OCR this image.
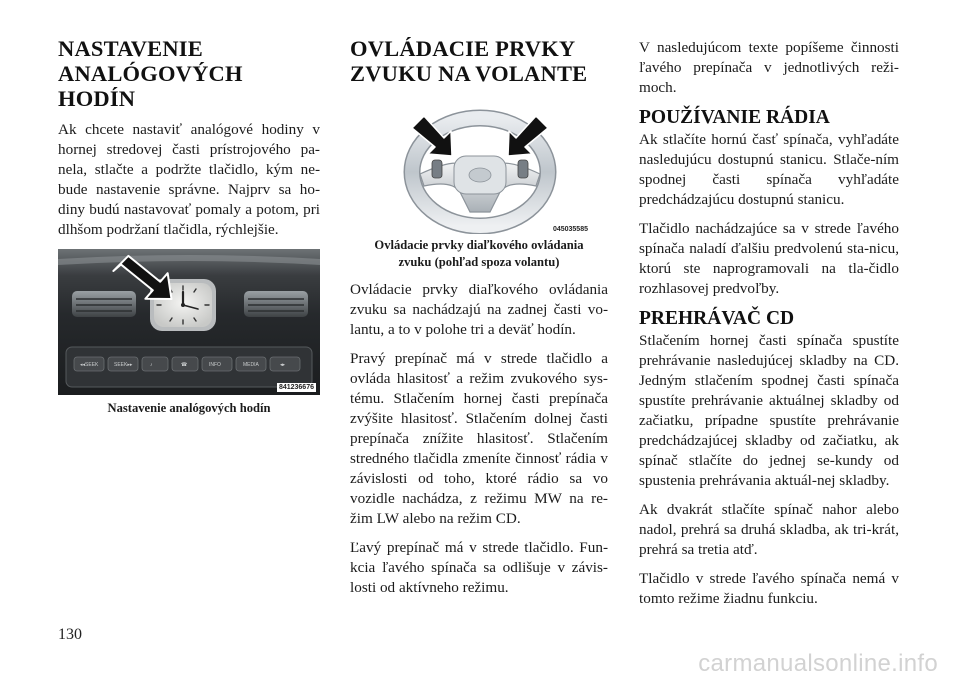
NASTAVENIE
ANALÓGOVÝCH
HODÍN

Ak chcete nastaviť analógové hodiny v hornej stredovej časti prístrojového pa-nela, stlačte a podržte tlačidlo, kým ne-bude nastavenie správne. Najprv sa ho-diny budú nastavovať pomaly a potom, pri dlhšom podržaní tlačidla, rýchlejšie.

◂◂SEEK	SEEK▸▸	♪	☎	INFO	MEDIA	◂▸
841236676

Nastavenie analógových hodín

OVLÁDACIE PRVKY
ZVUKU NA VOLANTE
045035585

Ovládacie prvky diaľkového ovládania
zvuku (pohľad spoza volantu)

Ovládacie prvky diaľkového ovládania zvuku sa nachádzajú na zadnej časti vo-lantu, a to v polohe tri a deväť hodín.

Pravý prepínač má v strede tlačidlo a ovláda hlasitosť a režim zvukového sys-tému. Stlačením hornej časti prepínača zvýšite hlasitosť. Stlačením dolnej časti prepínača znížite hlasitosť. Stlačením stredného tlačidla zmeníte činnosť rádia v závislosti od toho, ktoré rádio sa vo vozidle nachádza, z režimu MW na re-žim LW alebo na režim CD.

Ľavý prepínač má v strede tlačidlo. Fun-kcia ľavého spínača sa odlišuje v závis-losti od aktívneho režimu.

V nasledujúcom texte popíšeme činnosti ľavého prepínača v jednotlivých reži-moch.

POUŽÍVANIE RÁDIA

Ak stlačíte hornú časť spínača, vyhľadáte nasledujúcu dostupnú stanicu. Stlače-ním spodnej časti spínača vyhľadáte predchádzajúcu dostupnú stanicu.

Tlačidlo nachádzajúce sa v strede ľavého spínača naladí ďalšiu predvolenú sta-nicu, ktorú ste naprogramovali na tla-čidlo rozhlasovej predvoľby.

PREHRÁVAČ CD

Stlačením hornej časti spínača spustíte prehrávanie nasledujúcej skladby na CD. Jedným stlačením spodnej časti spínača spustíte prehrávanie aktuálnej skladby od začiatku, prípadne spustíte prehrávanie predchádzajúcej skladby od začiatku, ak spínač stlačíte do jednej se-kundy od spustenia prehrávania aktuál-nej skladby.

Ak dvakrát stlačíte spínač nahor alebo nadol, prehrá sa druhá skladba, ak tri-krát, prehrá sa tretia atď.

Tlačidlo v strede ľavého spínača nemá v tomto režime žiadnu funkciu.

130
carmanualsonline.info
